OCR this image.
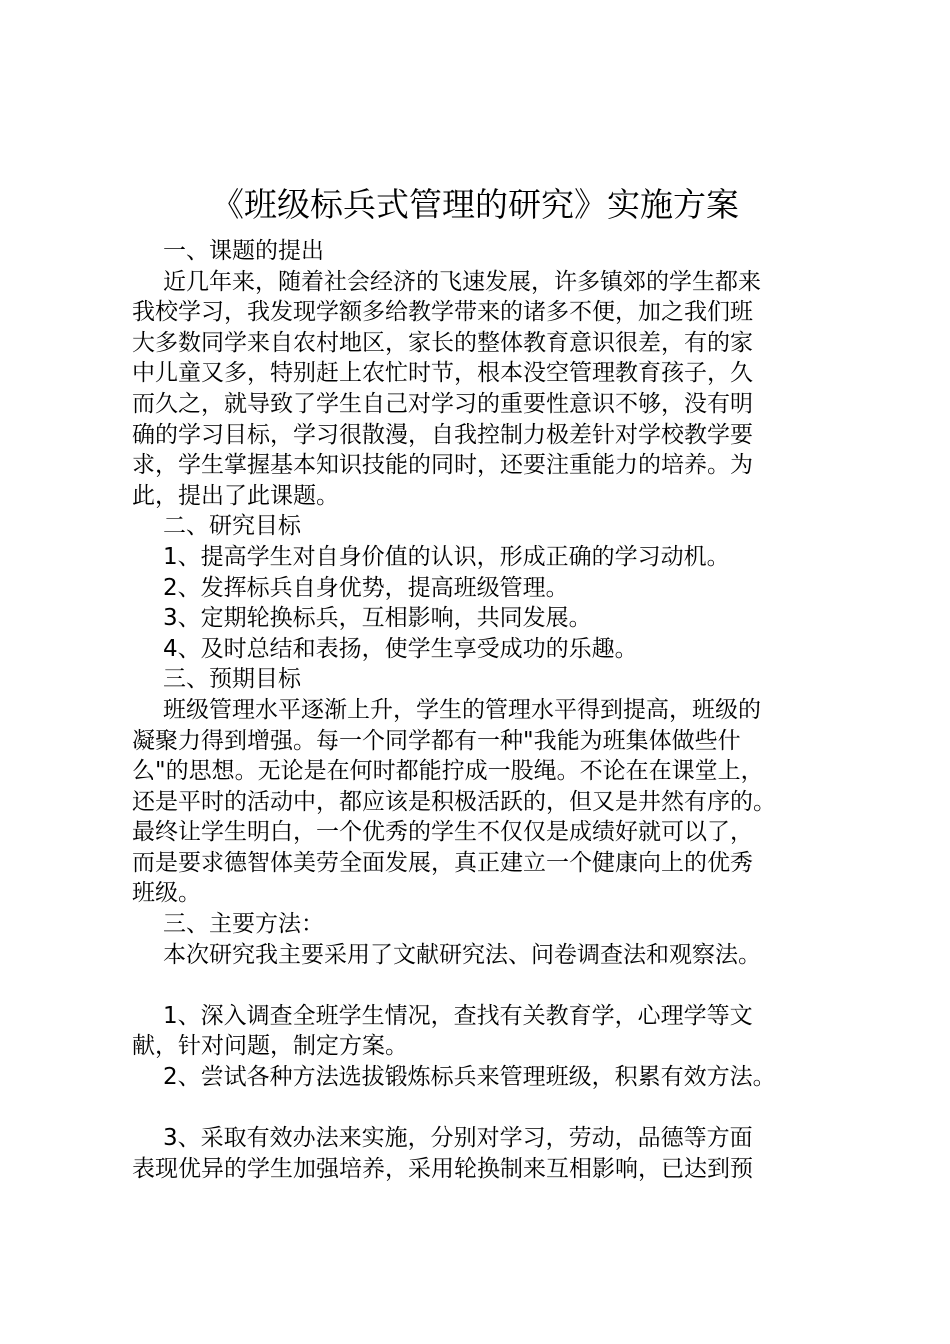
《班级标兵式管理的研究》实施方案
一、课题的提出
近几年来，随着社会经济的飞速发展，许多镇郊的学生都来
我校学习，我发现学额多给教学带来的诸多不便，加之我们班
大多数同学来自农村地区，家长的整体教育意识很差，有的家
中儿童又多，特别赶上农忙时节，根本没空管理教育孩子，久
而久之，就导致了学生自己对学习的重要性意识不够，没有明
确的学习目标，学习很散漫，自我控制力极差针对学校教学要
求，学生掌握基本知识技能的同时，还要注重能力的培养。为
此，提出了此课题。
二、研究目标
1、提高学生对自身价值的认识，形成正确的学习动机。
2、发挥标兵自身优势，提高班级管理。
3、定期轮换标兵，互相影响，共同发展。
4、及时总结和表扬，使学生享受成功的乐趣。
三、预期目标
班级管理水平逐渐上升，学生的管理水平得到提高，班级的
凝聚力得到增强。每一个同学都有一种"我能为班集体做些什
么"的思想。无论是在何时都能拧成一股绳。不论在在课堂上，
还是平时的活动中，都应该是积极活跃的，但又是井然有序的。
最终让学生明白，一个优秀的学生不仅仅是成绩好就可以了，
而是要求德智体美劳全面发展，真正建立一个健康向上的优秀
班级。
三、主要方法：
本次研究我主要采用了文献研究法、问卷调查法和观察法。
1、深入调查全班学生情况，查找有关教育学，心理学等文
献，针对问题，制定方案。
2、尝试各种方法选拔锻炼标兵来管理班级，积累有效方法。
3、采取有效办法来实施，分别对学习，劳动，品德等方面
表现优异的学生加强培养，采用轮换制来互相影响，已达到预
